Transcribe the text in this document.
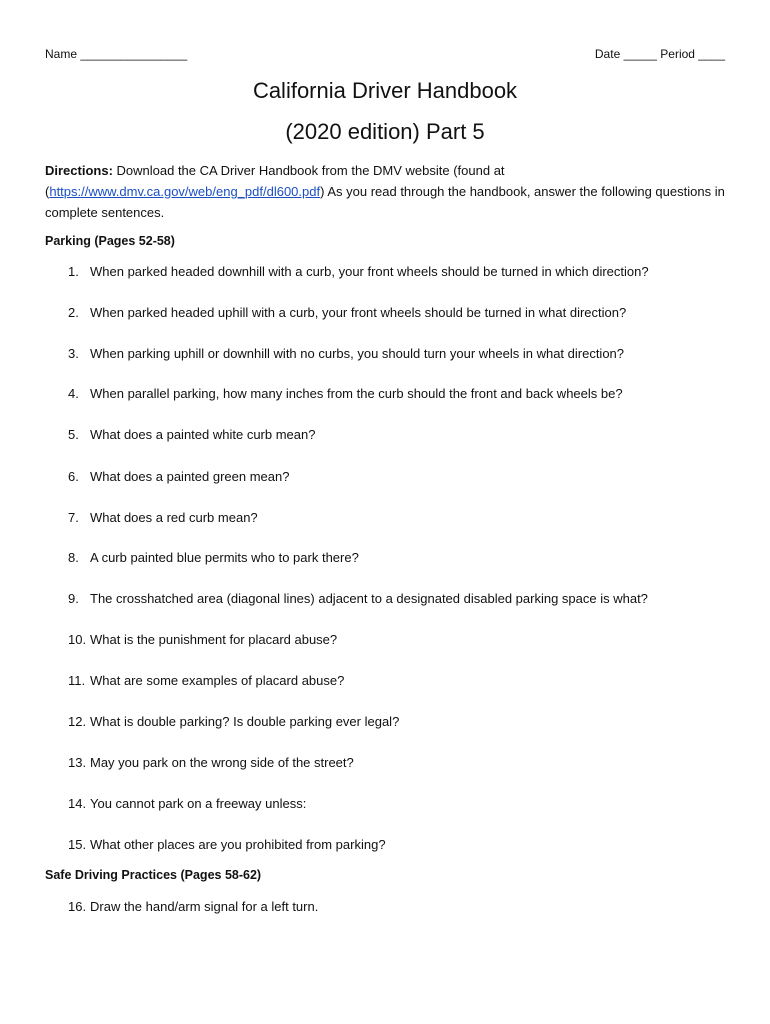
Name ________________	Date _____ Period ____
California Driver Handbook
(2020 edition) Part 5
Directions: Download the CA Driver Handbook from the DMV website (found at (https://www.dmv.ca.gov/web/eng_pdf/dl600.pdf) As you read through the handbook, answer the following questions in complete sentences.
Parking (Pages 52-58)
1. When parked headed downhill with a curb, your front wheels should be turned in which direction?
2. When parked headed uphill with a curb, your front wheels should be turned in what direction?
3. When parking uphill or downhill with no curbs, you should turn your wheels in what direction?
4. When parallel parking, how many inches from the curb should the front and back wheels be?
5. What does a painted white curb mean?
6. What does a painted green mean?
7. What does a red curb mean?
8. A curb painted blue permits who to park there?
9. The crosshatched area (diagonal lines) adjacent to a designated disabled parking space is what?
10. What is the punishment for placard abuse?
11. What are some examples of placard abuse?
12. What is double parking? Is double parking ever legal?
13. May you park on the wrong side of the street?
14. You cannot park on a freeway unless:
15. What other places are you prohibited from parking?
Safe Driving Practices (Pages 58-62)
16. Draw the hand/arm signal for a left turn.
